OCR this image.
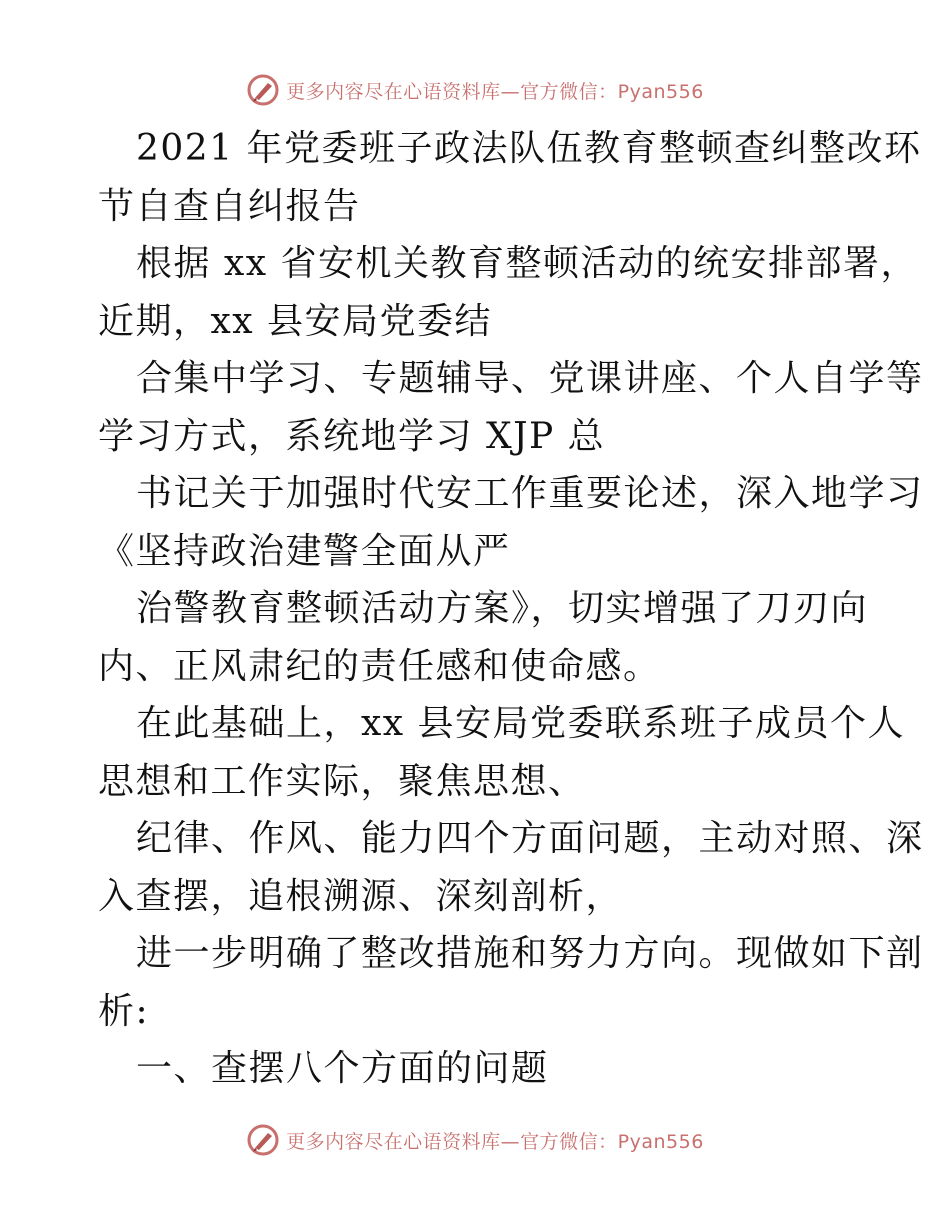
更多内容尽在心语资料库—官方微信：Pyan556

2021 年党委班子政法队伍教育整顿查纠整改环
节自查自纠报告

根据 xx 省安机关教育整顿活动的统安排部署，
近期，xx 县安局党委结

合集中学习、专题辅导、党课讲座、个人自学等
学习方式，系统地学习 XJP 总

书记关于加强时代安工作重要论述，深入地学习
《坚持政治建警全面从严

治警教育整顿活动方案》，切实增强了刀刃向
内、正风肃纪的责任感和使命感。

在此基础上，xx 县安局党委联系班子成员个人
思想和工作实际，聚焦思想、

纪律、作风、能力四个方面问题，主动对照、深
入查摆，追根溯源、深刻剖析，

进一步明确了整改措施和努力方向。现做如下剖
析:

一、查摆八个方面的问题

更多内容尽在心语资料库—官方微信：Pyan556
